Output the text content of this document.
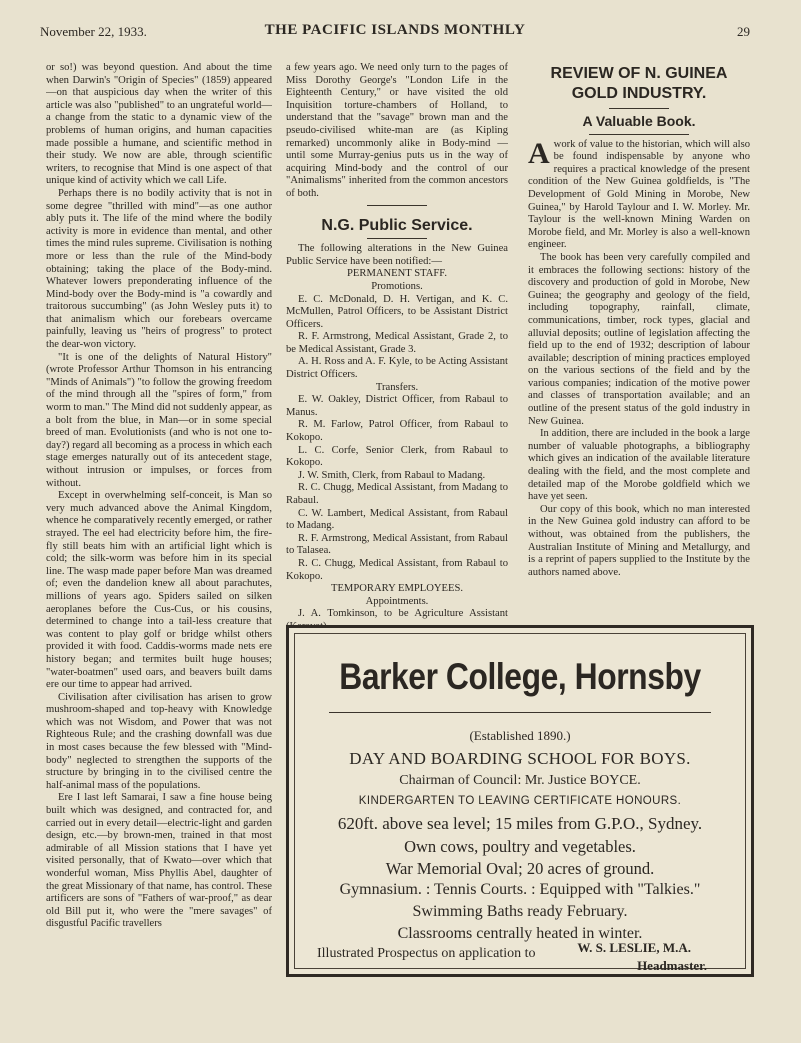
November 22, 1933.	THE PACIFIC ISLANDS MONTHLY	29

or so!) was beyond question. And about the time when Darwin's "Origin of Species" (1859) appeared—on that auspicious day when the writer of this article was also "published" to an ungrateful world—a change from the static to a dynamic view of the problems of human origins, and human capacities made possible a humane, and scientific method in their study. We now are able, through scientific writers, to recognise that Mind is one aspect of that unique kind of activity which we call Life.

Perhaps there is no bodily activity that is not in some degree "thrilled with mind"—as one author ably puts it. The life of the mind where the bodily activity is more in evidence than mental, and other times the mind rules supreme. Civilisation is nothing more or less than the rule of the Mind-body obtaining; taking the place of the Body-mind. Whatever lowers preponderating influence of the Mind-body over the Body-mind is "a cowardly and traitorous succumbing" (as John Wesley puts it) to that animalism which our forebears overcame painfully, leaving us "heirs of progress" to protect the dear-won victory.

"It is one of the delights of Natural History" (wrote Professor Arthur Thomson in his entrancing "Minds of Animals") "to follow the growing freedom of the mind through all the "spires of form," from worm to man." The Mind did not suddenly appear, as a bolt from the blue, in Man—or in some special breed of man. Evolutionists (and who is not one to-day?) regard all becoming as a process in which each stage emerges naturally out of its antecedent stage, without intrusion or impulses, or forces from without.

Except in overwhelming self-conceit, is Man so very much advanced above the Animal Kingdom, whence he comparatively recently emerged, or rather strayed. The eel had electricity before him, the fire-fly still beats him with an artificial light which is cold; the silk-worm was before him in its special line. The wasp made paper before Man was dreamed of; even the dandelion knew all about parachutes, millions of years ago. Spiders sailed on silken aeroplanes before the Cus-Cus, or his cousins, determined to change into a tail-less creature that was content to play golf or bridge whilst others provided it with food. Caddis-worms made nets ere history began; and termites built huge houses; "water-boatmen" used oars, and beavers built dams ere our time to appear had arrived.

Civilisation after civilisation has arisen to grow mushroom-shaped and top-heavy with Knowledge which was not Wisdom, and Power that was not Righteous Rule; and the crashing downfall was due in most cases because the few blessed with "Mind-body" neglected to strengthen the supports of the structure by bringing in to the civilised centre the half-animal mass of the populations.

Ere I last left Samarai, I saw a fine house being built which was designed, and contracted for, and carried out in every detail—electric-light and garden design, etc.—by brown-men, trained in that most admirable of all Mission stations that I have yet visited personally, that of Kwato—over which that wonderful woman, Miss Phyllis Abel, daughter of the great Missionary of that name, has control. These artificers are sons of "Fathers of war-proof," as dear old Bill put it, who were the "mere savages" of disgustful Pacific travellers

a few years ago. We need only turn to the pages of Miss Dorothy George's "London Life in the Eighteenth Century," or have visited the old Inquisition torture-chambers of Holland, to understand that the "savage" brown man and the pseudo-civilised white-man are (as Kipling remarked) uncommonly alike in Body-mind — until some Murray-genius puts us in the way of acquiring Mind-body and the control of our "Animalisms" inherited from the common ancestors of both.

N.G. Public Service.

The following alterations in the New Guinea Public Service have been notified:—

PERMANENT STAFF.

Promotions.

E. C. McDonald, D. H. Vertigan, and K. C. McMullen, Patrol Officers, to be Assistant District Officers.

R. F. Armstrong, Medical Assistant, Grade 2, to be Medical Assistant, Grade 3.

A. H. Ross and A. F. Kyle, to be Acting Assistant District Officers.

Transfers.

E. W. Oakley, District Officer, from Rabaul to Manus.

R. M. Farlow, Patrol Officer, from Rabaul to Kokopo.

L. C. Corfe, Senior Clerk, from Rabaul to Kokopo.

J. W. Smith, Clerk, from Rabaul to Madang.

R. C. Chugg, Medical Assistant, from Madang to Rabaul.

C. W. Lambert, Medical Assistant, from Rabaul to Madang.

R. F. Armstrong, Medical Assistant, from Rabaul to Talasea.

R. C. Chugg, Medical Assistant, from Rabaul to Kokopo.

TEMPORARY EMPLOYEES.

Appointments.

J. A. Tomkinson, to be Agriculture Assistant

REVIEW OF N. GUINEA
GOLD INDUSTRY.
A Valuable Book.

Awork of value to the historian, which will also be found indispensable by anyone who requires a practical knowledge of the present condition of the New Guinea goldfields, is "The Development of Gold Mining in Morobe, New Guinea," by Harold Taylour and I. W. Morley. Mr. Taylour is the well-known Mining Warden on Morobe field, and Mr. Morley is also a well-known engineer.

The book has been very carefully compiled and it embraces the following sections: history of the discovery and production of gold in Morobe, New Guinea; the geography and geology of the field, including topography, rainfall, climate, communications, timber, rock types, glacial and alluvial deposits; outline of legislation affecting the field up to the end of 1932; description of labour available; description of mining practices employed on the various sections of the field and by the various companies; indication of the motive power and classes of transportation available; and an outline of the present status of the gold industry in New Guinea.

In addition, there are included in the book a large number of valuable photographs, a bibliography which gives an indication of the available literature dealing with the field, and the most complete and detailed map of the Morobe goldfield which we have yet seen.

Our copy of this book, which no man interested in the New Guinea gold industry can afford to be without, was obtained from the publishers, the Australian Institute of Mining and Metallurgy, and is a reprint of papers supplied to the Institute by the authors named above.

Barker College, Hornsby
(Established 1890.)
DAY AND BOARDING SCHOOL FOR BOYS.
Chairman of Council: Mr. Justice BOYCE.
KINDERGARTEN TO LEAVING CERTIFICATE HONOURS.
620ft. above sea level; 15 miles from G.P.O., Sydney.
Own cows, poultry and vegetables.
War Memorial Oval; 20 acres of ground.
Gymnasium. : Tennis Courts. : Equipped with "Talkies."
Swimming Baths ready February.
Classrooms centrally heated in winter.
Illustrated Prospectus on application to	W. S. LESLIE, M.A.
Headmaster.
